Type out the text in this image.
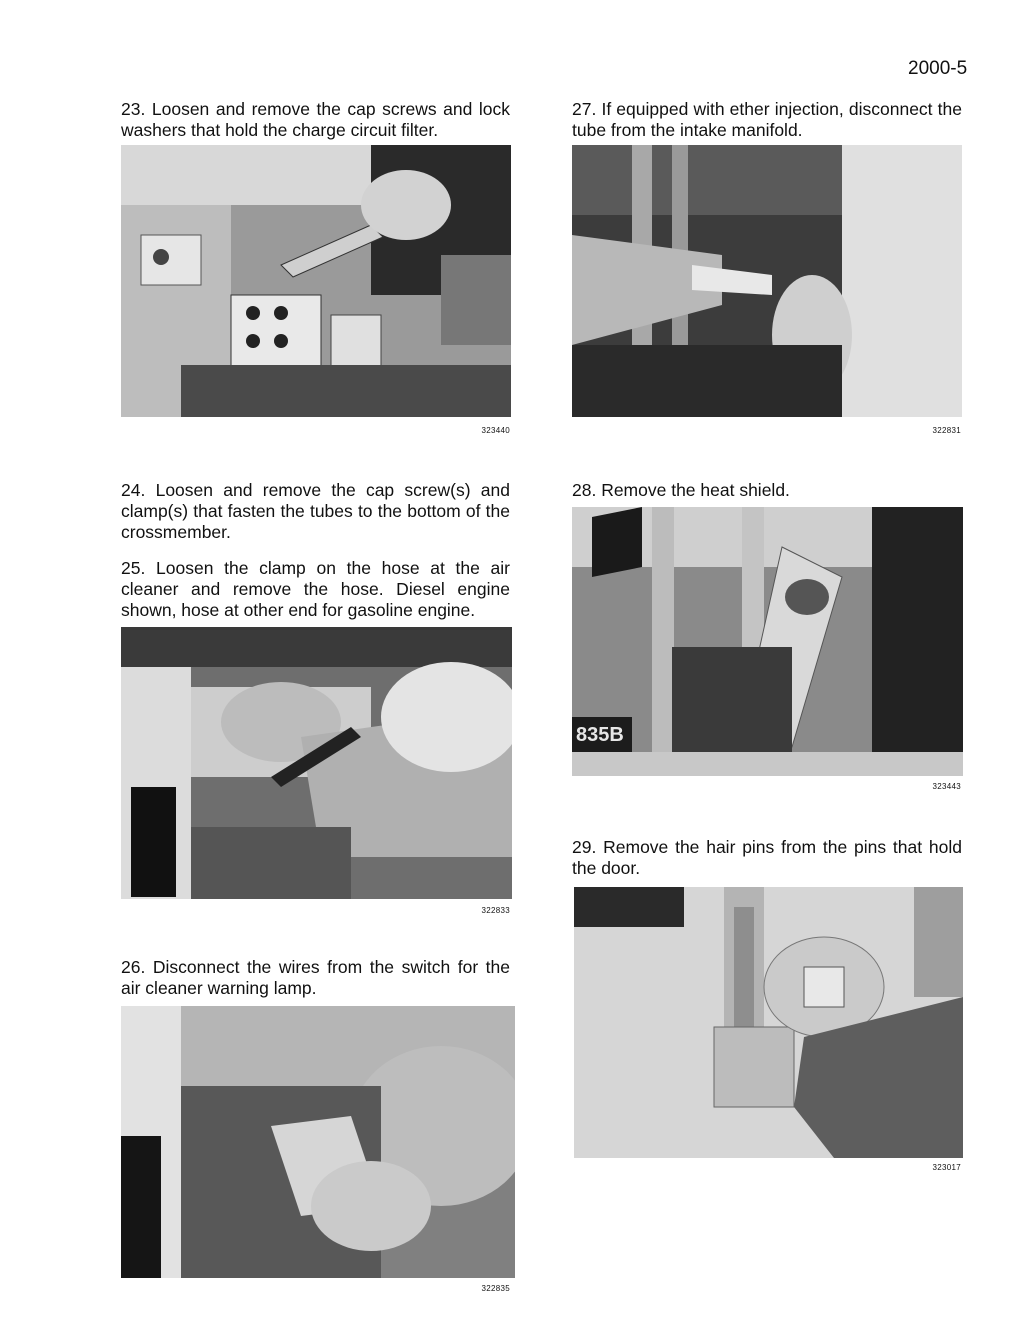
2000-5

23. Loosen and remove the cap screws and lock washers that hold the charge circuit filter.

323440

24. Loosen and remove the cap screw(s) and clamp(s) that fasten the tubes to the bottom of the crossmember.

25. Loosen the clamp on the hose at the air cleaner and remove the hose. Diesel engine shown, hose at other end for gasoline engine.

322833

26. Disconnect the wires from the switch for the air cleaner warning lamp.

322835

27. If equipped with ether injection, disconnect the tube from the intake manifold.

322831

28. Remove the heat shield.

835B
323443

29. Remove the hair pins from the pins that hold the door.

323017
